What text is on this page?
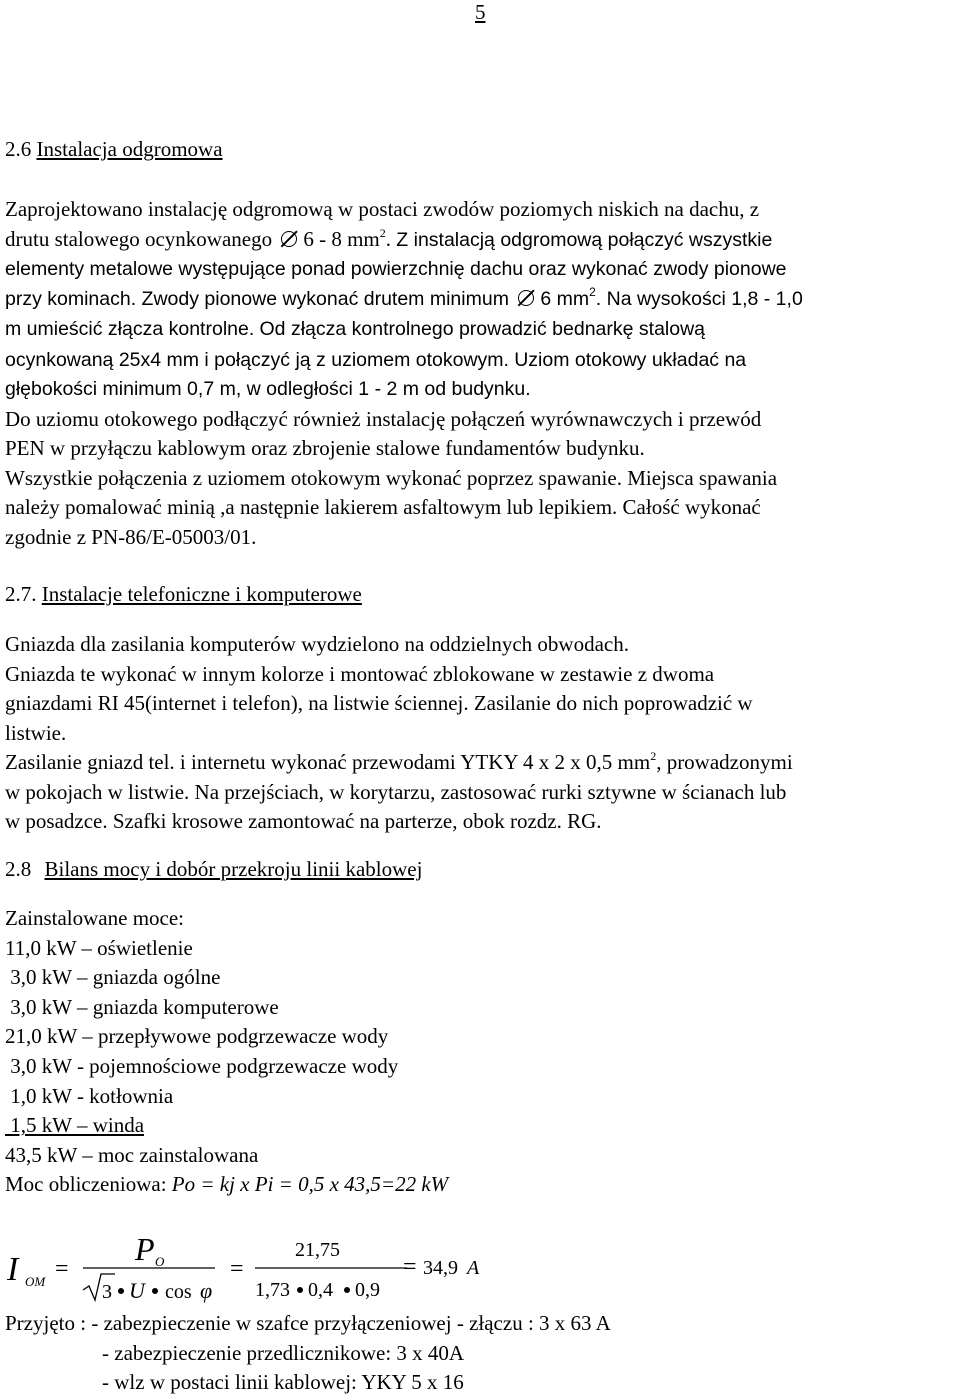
5
2.6 Instalacja odgromowa
Zaprojektowano instalację odgromową w postaci zwodów poziomych niskich na dachu, z
drutu stalowego ocynkowanego 6 - 8 $mm^2$. Z instalacją odgromową połączyć wszystkie
elementy metalowe występujące ponad powierzchnię dachu oraz wykonać zwody pionowe
przy kominach. Zwody pionowe wykonać drutem minimum 6 $mm^2$. Na wysokości 1,8 - 1,0
m umieścić złącza kontrolne. Od złącza kontrolnego prowadzić bednarkę stalową
ocynkowaną 25x4 mm i połączyć ją z uziomem otokowym. Uziom otokowy układać na
głębokości minimum 0,7 m, w odległości 1 - 2 m od budynku.
Do uziomu otokowego podłączyć również instalację połączeń wyrównawczych i przewód
PEN w przyłączu kablowym oraz zbrojenie stalowe fundamentów budynku.
Wszystkie połączenia z uziomem otokowym wykonać poprzez spawanie. Miejsca spawania
należy pomalować minią ,a następnie lakierem asfaltowym lub lepikiem. Całość wykonać
zgodnie z PN-86/E-05003/01.
2.7. Instalacje telefoniczne i komputerowe
Gniazda dla zasilania komputerów wydzielono na oddzielnych obwodach.
Gniazda te wykonać w innym kolorze i montować zblokowane w zestawie z dwoma
gniazdami RI 45(internet i telefon), na listwie ściennej. Zasilanie do nich poprowadzić w
listwie.
Zasilanie gniazd tel. i internetu wykonać przewodami YTKY 4 x 2 x 0,5 $mm^2$, prowadzonymi
w pokojach w listwie. Na przejściach, w korytarzu, zastosować rurki sztywne w ścianach lub
w posadzce. Szafki krosowe zamontować na parterze, obok rozdz. RG.
2.8 Bilans mocy i dobór przekroju linii kablowej
Zainstalowane moce:
11,0 kW – oświetlenie
3,0 kW – gniazda ogólne
3,0 kW – gniazda komputerowe
21,0 kW – przepływowe podgrzewacze wody
3,0 kW - pojemnościowe podgrzewacze wody
1,0 kW - kotłownia
1,5 kW – winda
43,5 kW – moc zainstalowana
Moc obliczeniowa: Po = kj x Pi = 0,5 x 43,5=22 kW
I OM =
P O
3 U cos φ
=
21,75
1,73 0,4 0,9
= 34,9 A
Przyjęto : - zabezpieczenie w szafce przyłączeniowej - złączu : 3 x 63 A
- zabezpieczenie przedlicznikowe: 3 x 40A
- wlz w postaci linii kablowej: YKY 5 x 16
